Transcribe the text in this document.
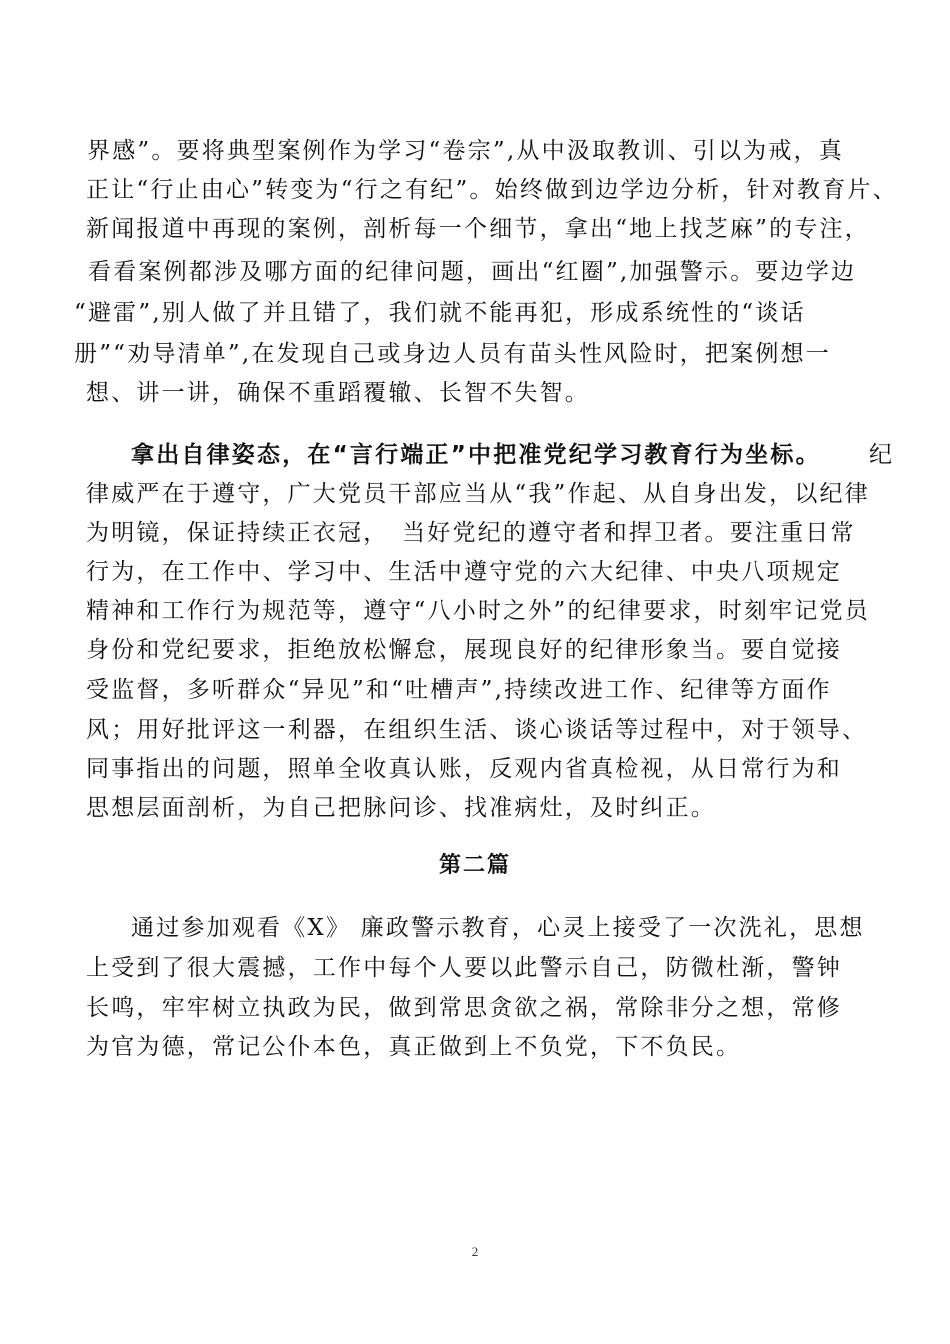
界感”。要将典型案例作为学习“卷宗”,从中汲取教训、引以为戒，真
正让“行止由心”转变为“行之有纪”。始终做到边学边分析，针对教育片、
新闻报道中再现的案例，剖析每一个细节，拿出“地上找芝麻”的专注，
看看案例都涉及哪方面的纪律问题，画出“红圈”,加强警示。要边学边
“避雷”,别人做了并且错了，我们就不能再犯，形成系统性的“谈话
册”“劝导清单”,在发现自己或身边人员有苗头性风险时，把案例想一
想、讲一讲，确保不重蹈覆辙、长智不失智。
拿出自律姿态，在“言行端正”中把准党纪学习教育行为坐标。 纪
律威严在于遵守，广大党员干部应当从“我”作起、从自身出发，以纪律
为明镜，保证持续正衣冠，　当好党纪的遵守者和捍卫者。要注重日常
行为，在工作中、学习中、生活中遵守党的六大纪律、中央八项规定
精神和工作行为规范等，遵守“八小时之外”的纪律要求，时刻牢记党员
身份和党纪要求，拒绝放松懈怠，展现良好的纪律形象当。要自觉接
受监督，多听群众“异见”和“吐槽声”,持续改进工作、纪律等方面作
风；用好批评这一利器，在组织生活、谈心谈话等过程中，对于领导、
同事指出的问题，照单全收真认账，反观内省真检视，从日常行为和
思想层面剖析，为自己把脉问诊、找准病灶，及时纠正。
第二篇
通过参加观看《X》 廉政警示教育，心灵上接受了一次洗礼，思想
上受到了很大震撼，工作中每个人要以此警示自己，防微杜渐，警钟
长鸣，牢牢树立执政为民，做到常思贪欲之祸，常除非分之想，常修
为官为德，常记公仆本色，真正做到上不负党，下不负民。
2
